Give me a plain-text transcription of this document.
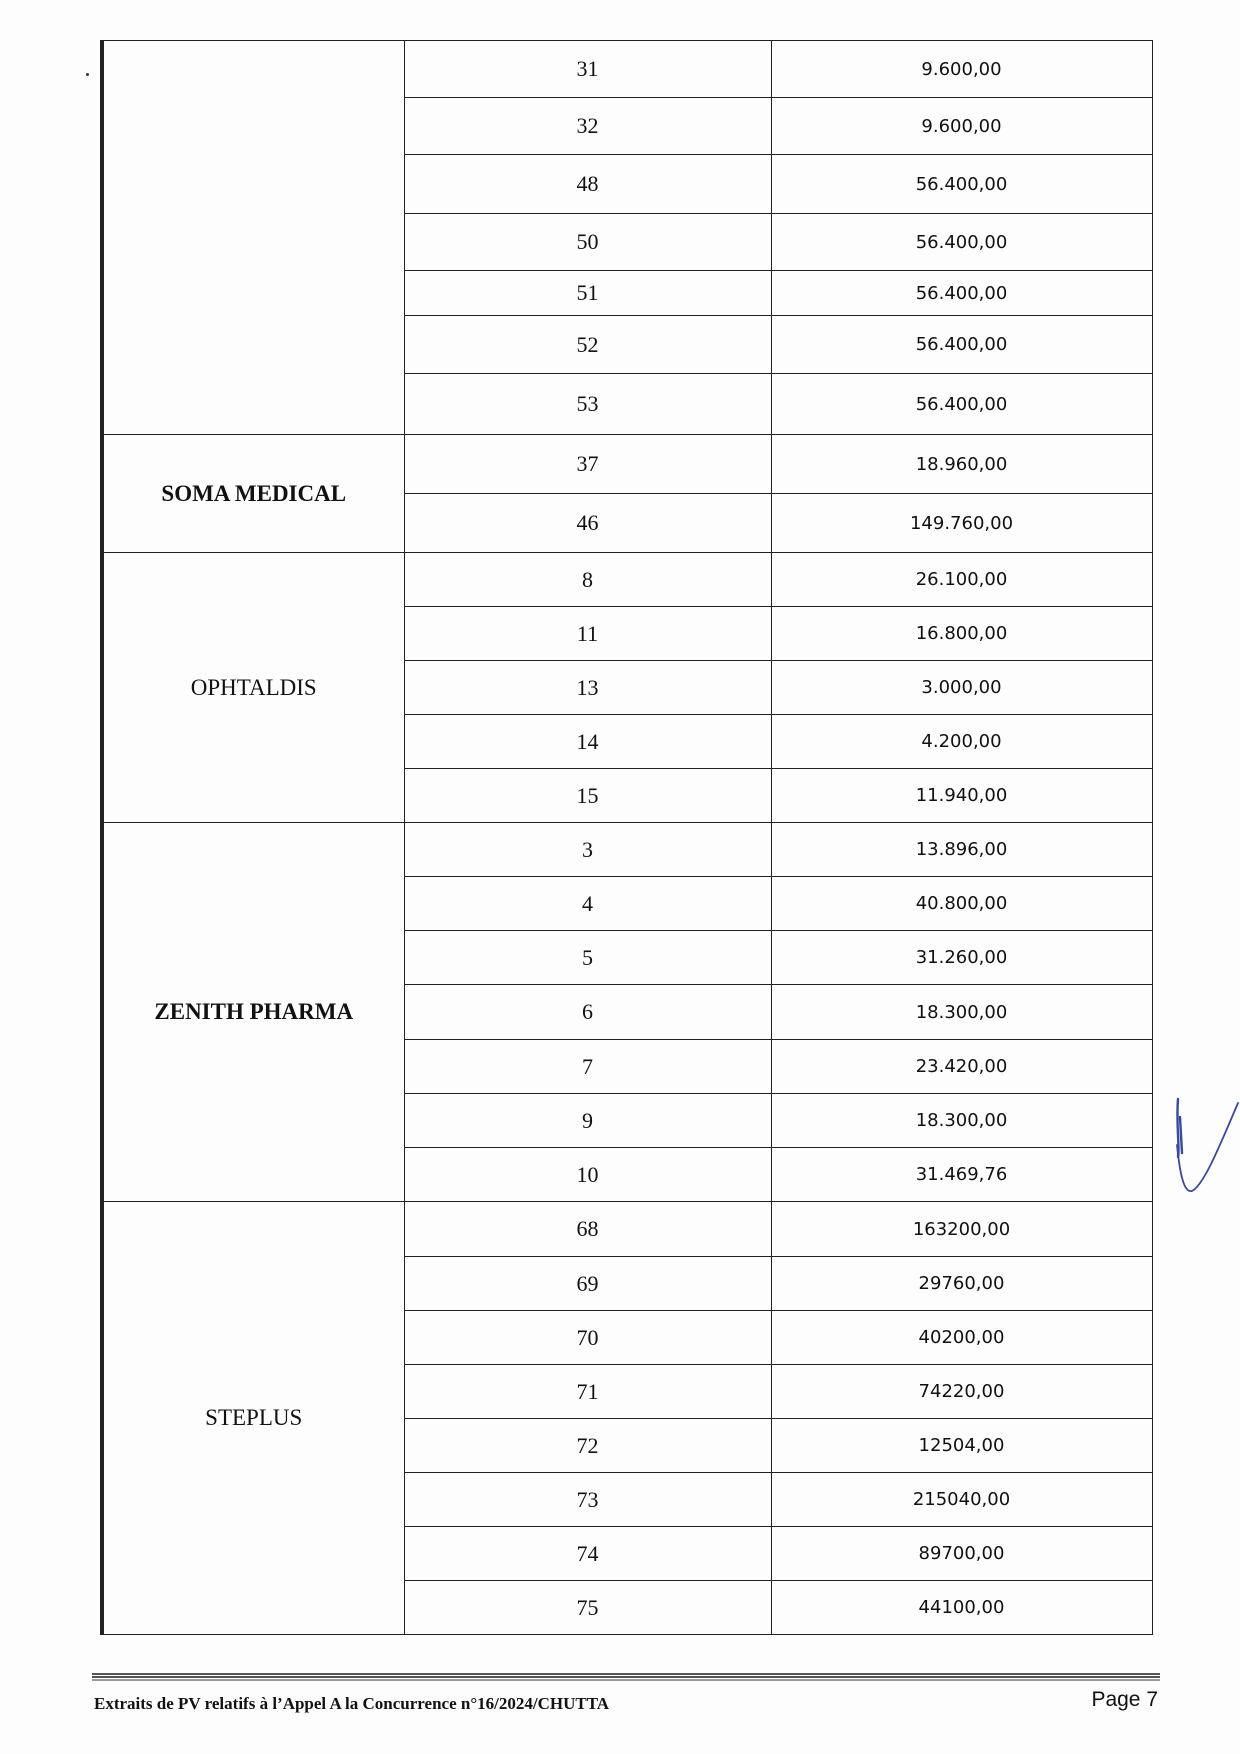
	31	9.600,00
	32	9.600,00
	48	56.400,00
	50	56.400,00
	51	56.400,00
	52	56.400,00
	53	56.400,00
SOMA MEDICAL	37	18.960,00
	46	149.760,00
OPHTALDIS	8	26.100,00
	11	16.800,00
	13	3.000,00
	14	4.200,00
	15	11.940,00
ZENITH PHARMA	3	13.896,00
	4	40.800,00
	5	31.260,00
	6	18.300,00
	7	23.420,00
	9	18.300,00
	10	31.469,76
STEPLUS	68	163200,00
	69	29760,00
	70	40200,00
	71	74220,00
	72	12504,00
	73	215040,00
	74	89700,00
	75	44100,00
Extraits de PV relatifs à l’Appel A la Concurrence n°16/2024/CHUTTA	Page 7
